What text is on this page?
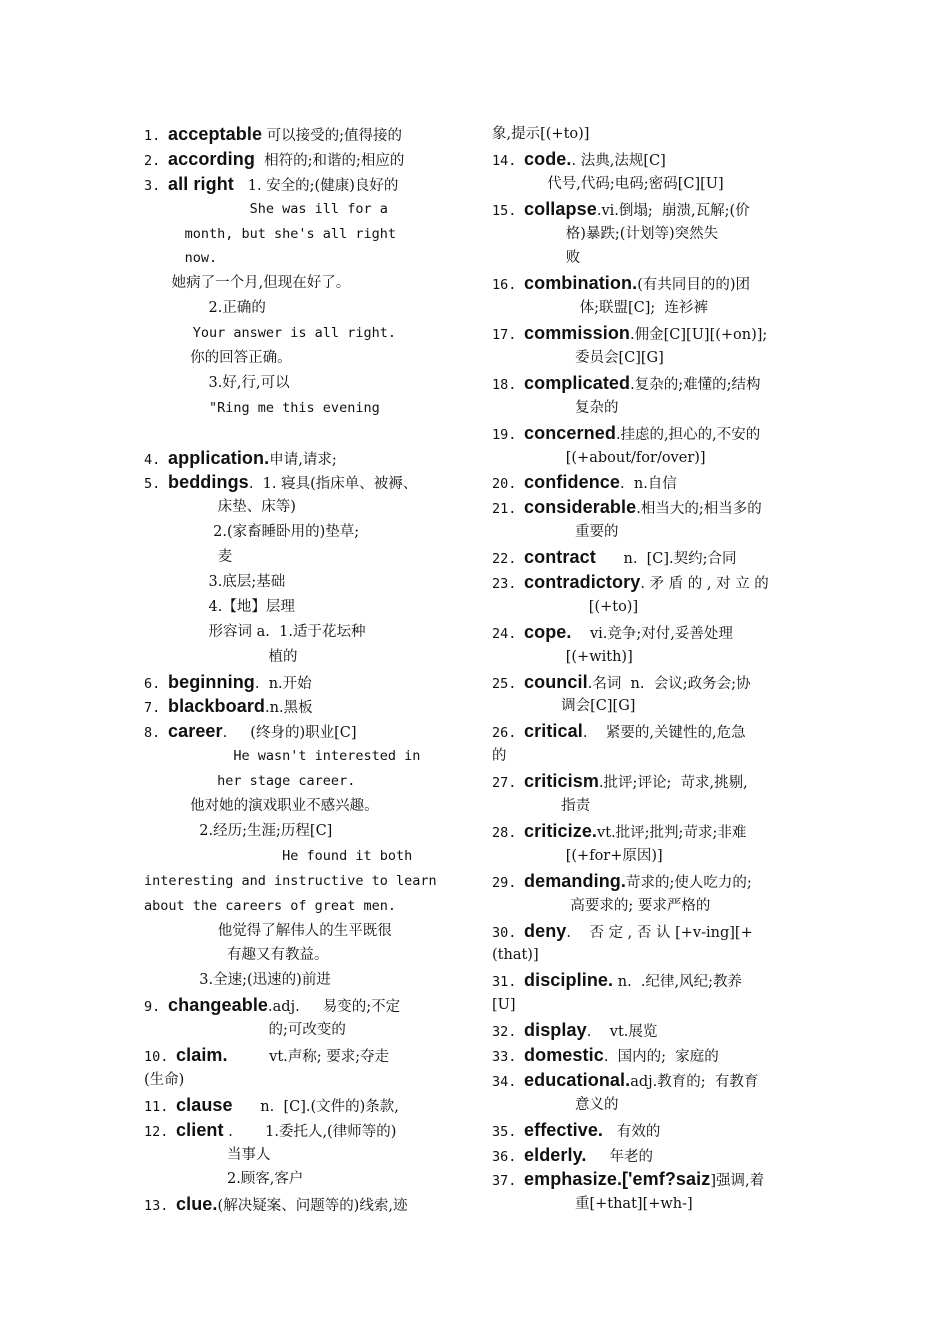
1. acceptable 可以接受的;值得接的
2. according  相符的;和谐的;相应的
3. all right   1. 安全的;(健康)良好的
She was ill for a
month, but she's all right
now.
她病了一个月,但现在好了。
2.正确的
Your answer is all right.
你的回答正确。
3.好,行,可以
"Ring me this evening
4. application.申请,请求;
5. beddings.  1. 寝具(指床单、被褥、
床垫、床等)
2.(家畜睡卧用的)垫草;
麦
3.底层;基础
4.【地】层理
形容词 a.  1.适于花坛种
植的
6. beginning.  n.开始
7. blackboard.n.黑板
8. career.     (终身的)职业[C]
He wasn't interested in
her stage career.
他对她的演戏职业不感兴趣。
2.经历;生涯;历程[C]
He found it both
interesting and instructive to learn
about the careers of great men.
他觉得了解伟人的生平既很
有趣又有教益。
3.全速;(迅速的)前进
9. changeable.adj.     易变的;不定
的;可改变的
10. claim.         vt.声称; 要求;夺走
(生命)
11. clause      n.  [C].(文件的)条款,
12. client .       1.委托人,(律师等的)
当事人
2.顾客,客户
13. clue.(解决疑案、问题等的)线索,迹
象,提示[(+to)]
14. code.. 法典,法规[C]
代号,代码;电码;密码[C][U]
15. collapse.vi.倒塌;  崩溃,瓦解;(价
格)暴跌;(计划等)突然失
败
16. combination.(有共同目的的)团
体;联盟[C];  连衫裤
17. commission.佣金[C][U][(+on)];
委员会[C][G]
18. complicated.复杂的;难懂的;结构
复杂的
19. concerned.挂虑的,担心的,不安的
[(+about/for/over)]
20. confidence.  n.自信
21. considerable.相当大的;相当多的
重要的
22. contract      n.  [C].契约;合同
23. contradictory. 矛 盾 的 , 对 立 的
[(+to)]
24. cope.    vi.竞争;对付,妥善处理
[(+with)]
25. council.名词  n.  会议;政务会;协
调会[C][G]
26. critical.    紧要的,关键性的,危急
的
27. criticism.批评;评论;  苛求,挑剔,
指责
28. criticize.vt.批评;批判;苛求;非难
[(+for+原因)]
29. demanding.苛求的;使人吃力的;
高要求的; 要求严格的
30. deny.    否 定 , 否 认 [+v-ing][+
(that)]
31. discipline. n.  .纪律,风纪;教养
[U]
32. display.    vt.展览
33. domestic.  国内的;  家庭的
34. educational.adj.教育的;  有教育
意义的
35. effective.   有效的
36. elderly.     年老的
37. emphasize.['emf?saiz]强调,着
重[+that][+wh-]
